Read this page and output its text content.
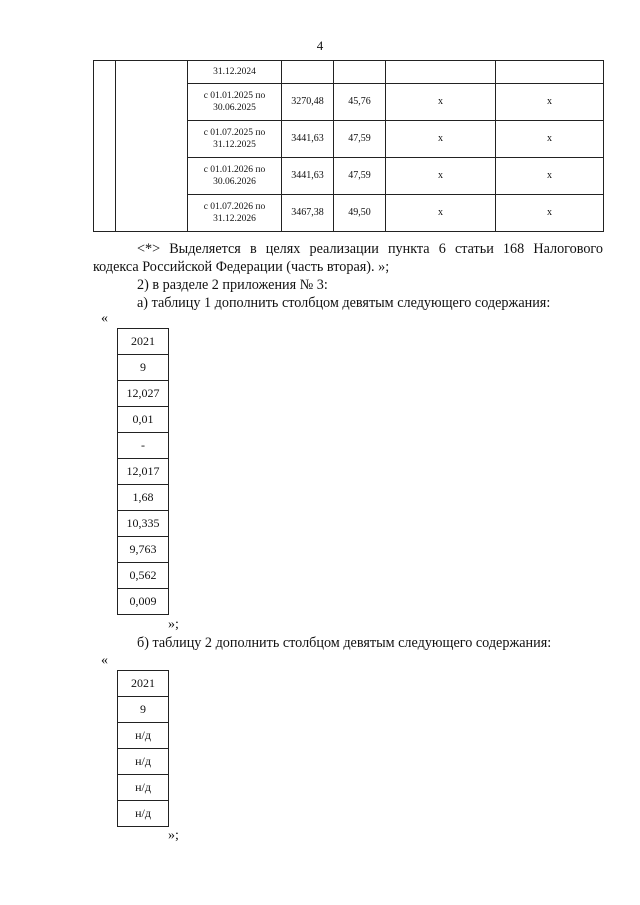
4
		31.12.2024				
		с 01.01.2025 по 30.06.2025	3270,48	45,76	х	х
		с 01.07.2025 по 31.12.2025	3441,63	47,59	х	х
		с 01.01.2026 по 30.06.2026	3441,63	47,59	х	х
		с 01.07.2026 по 31.12.2026	3467,38	49,50	х	х
<*> Выделяется в целях реализации пункта 6 статьи 168 Налогового
кодекса Российской Федерации (часть вторая). »;
2) в разделе 2 приложения № 3:
а) таблицу 1 дополнить столбцом девятым следующего содержания:
«
2021
9
12,027
0,01
-
12,017
1,68
10,335
9,763
0,562
0,009
»;
б) таблицу 2 дополнить столбцом девятым следующего содержания:
«
2021
9
н/д
н/д
н/д
н/д
»;
